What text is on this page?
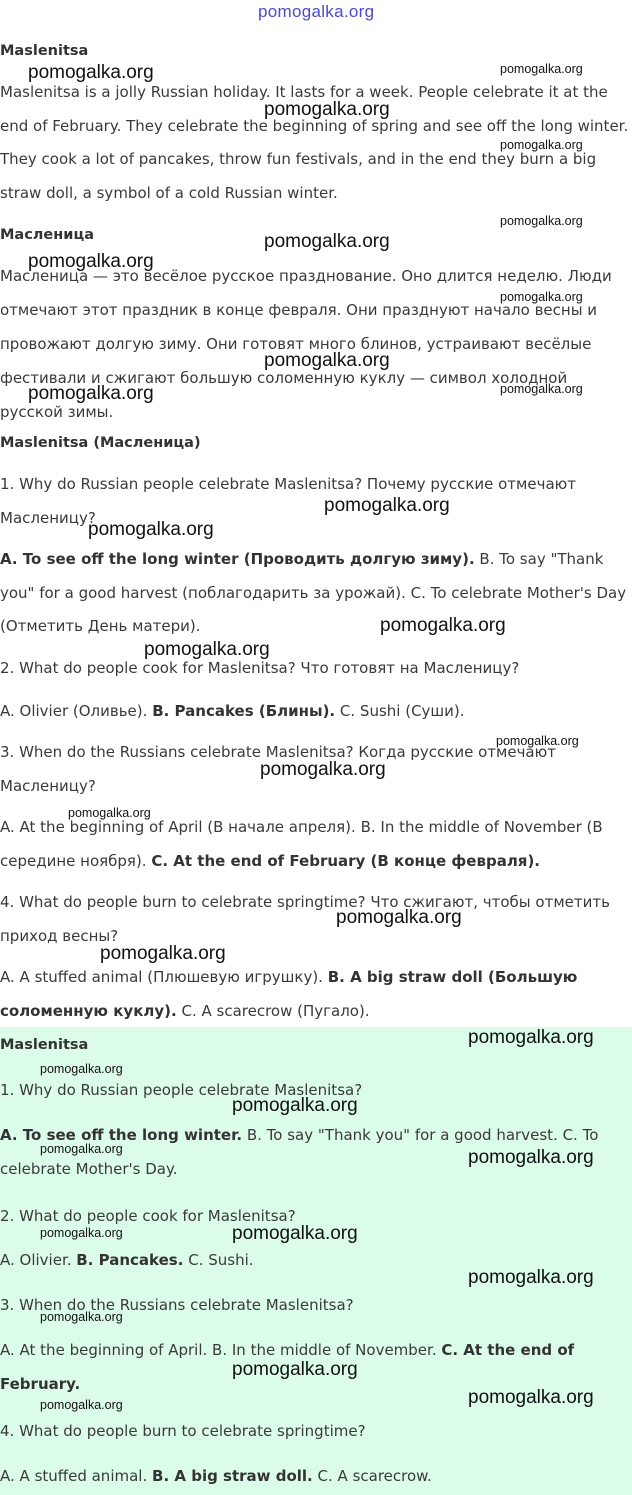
pomogalka.org
Maslenitsa

Maslenitsa is a jolly Russian holiday. It lasts for a week. People celebrate it at the end of February. They celebrate the beginning of spring and see off the long winter. They cook a lot of pancakes, throw fun festivals, and in the end they burn a big straw doll, a symbol of a cold Russian winter.

Масленица

Масленица — это весёлое русское празднование. Оно длится неделю. Люди отмечают этот праздник в конце февраля. Они празднуют начало весны и провожают долгую зиму. Они готовят много блинов, устраивают весёлые фестивали и сжигают большую соломенную куклу — символ холодной русской зимы.

Maslenitsa (Масленица)

1. Why do Russian people celebrate Maslenitsa? Почему русские отмечают Масленицу?

A. To see off the long winter (Проводить долгую зиму). B. To say "Thank you" for a good harvest (поблагодарить за урожай). C. To celebrate Mother's Day (Отметить День матери).

2. What do people cook for Maslenitsa? Что готовят на Масленицу?

A. Olivier (Оливье). B. Pancakes (Блины). C. Sushi (Суши).

3. When do the Russians celebrate Maslenitsa? Когда русские отмечают Масленицу?

A. At the beginning of April (В начале апреля). B. In the middle of November (В середине ноября). C. At the end of February (В конце февраля).

4. What do people burn to celebrate springtime? Что сжигают, чтобы отметить приход весны?

A. A stuffed animal (Плюшевую игрушку). B. A big straw doll (Большую соломенную куклу). C. A scarecrow (Пугало).

Maslenitsa

1. Why do Russian people celebrate Maslenitsa?

A. To see off the long winter. B. To say "Thank you" for a good harvest. C. To celebrate Mother's Day.

2. What do people cook for Maslenitsa?

A. Olivier. B. Pancakes. C. Sushi.

3. When do the Russians celebrate Maslenitsa?

A. At the beginning of April. B. In the middle of November. C. At the end of February.

4. What do people burn to celebrate springtime?

A. A stuffed animal. B. A big straw doll. C. A scarecrow.

pomogalka.org	pomogalka.org
pomogalka.org
pomogalka.org
pomogalka.org
pomogalka.org
pomogalka.org
pomogalka.org
pomogalka.org
pomogalka.org	pomogalka.org
pomogalka.org
pomogalka.org
pomogalka.org
pomogalka.org
pomogalka.org
pomogalka.org
pomogalka.org
pomogalka.org
pomogalka.org
pomogalka.org
pomogalka.org
pomogalka.org
pomogalka.org	pomogalka.org
pomogalka.org	pomogalka.org
pomogalka.org
pomogalka.org
pomogalka.org
pomogalka.org	pomogalka.org
